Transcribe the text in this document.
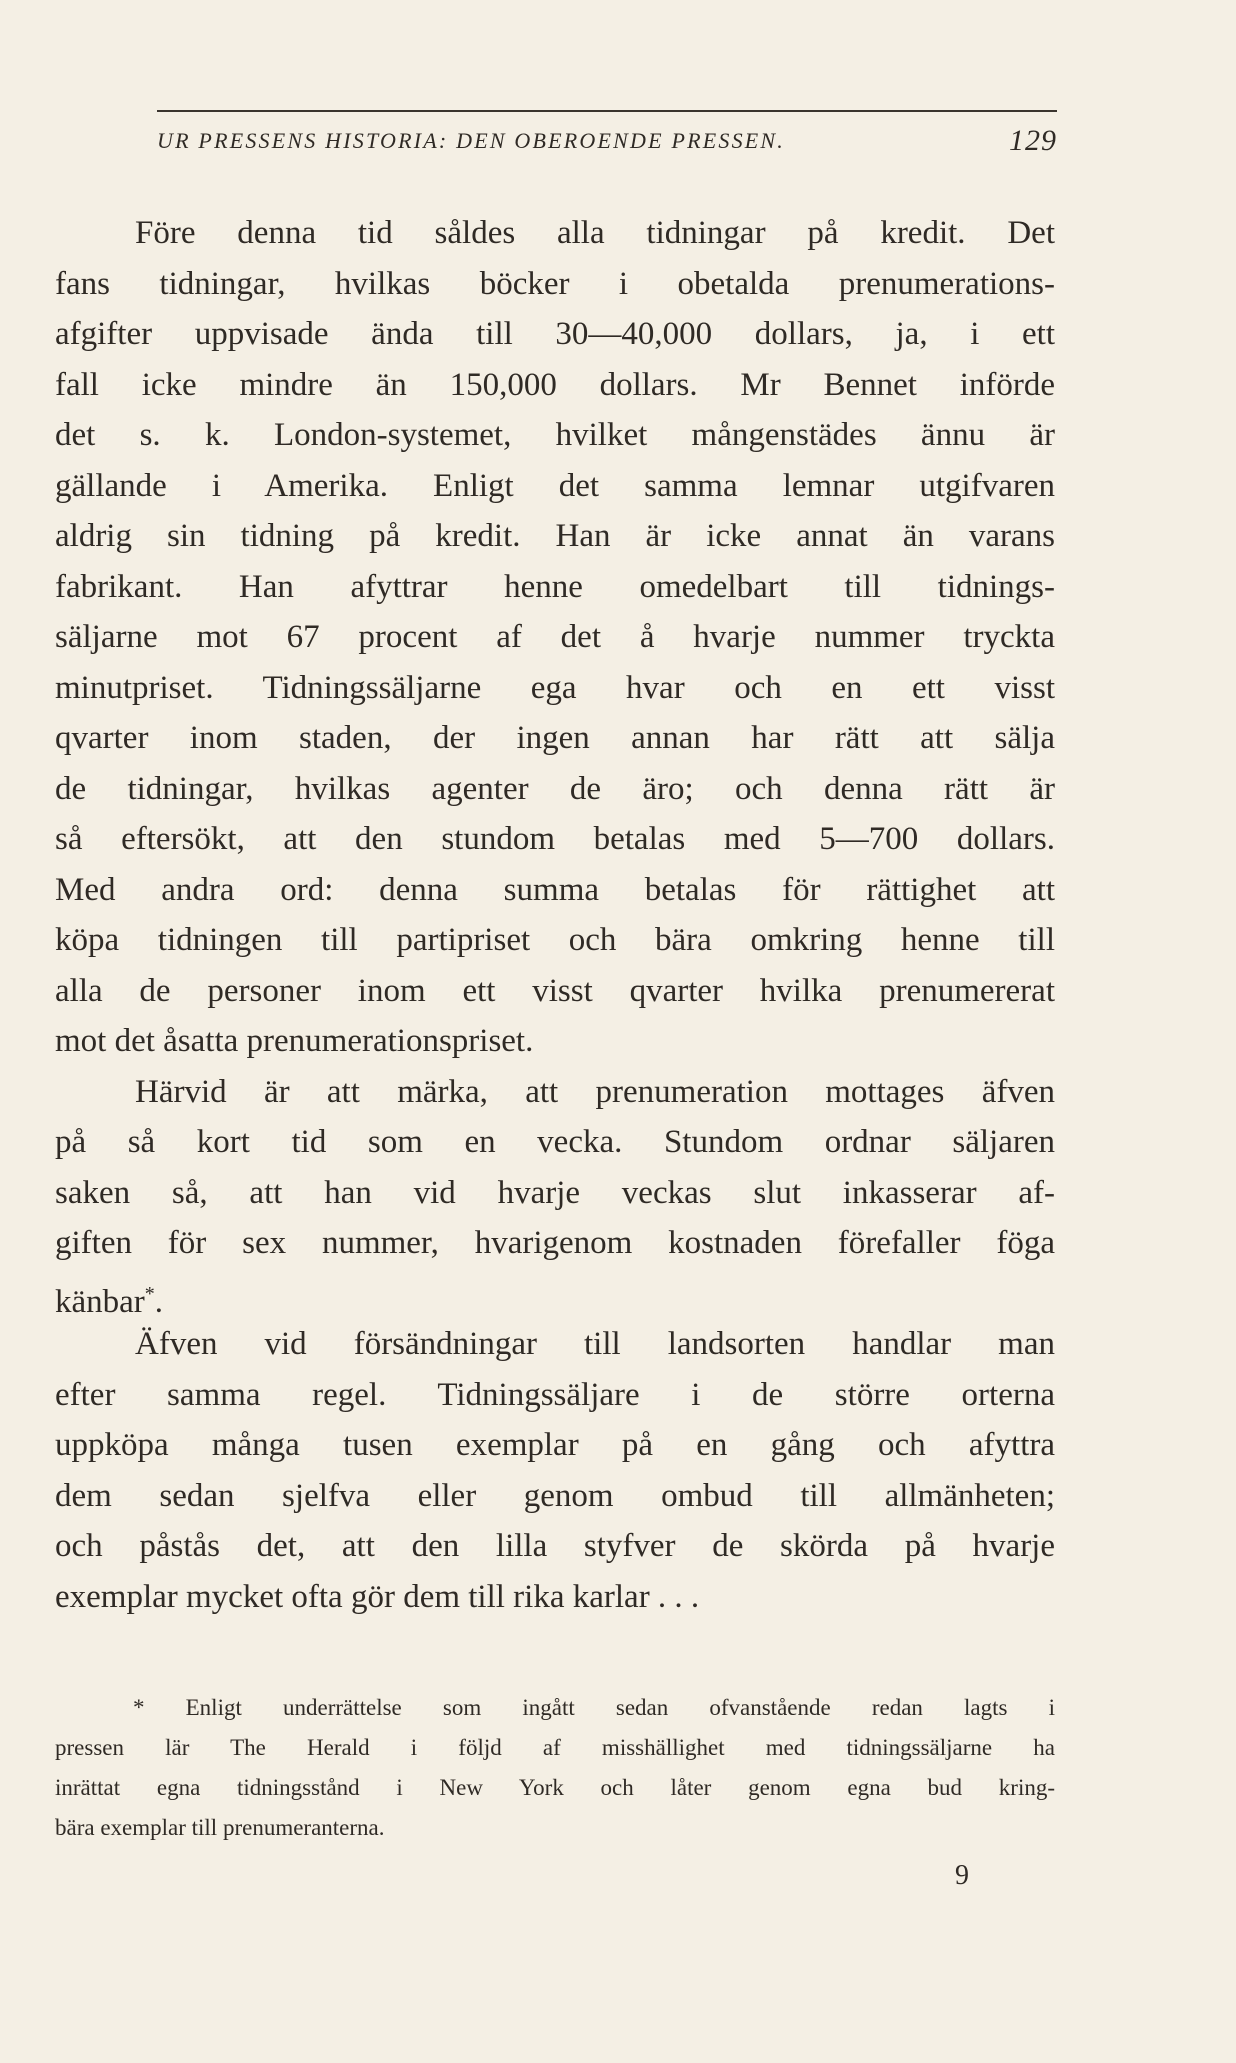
UR PRESSENS HISTORIA: DEN OBEROENDE PRESSEN.	129
Före denna tid såldes alla tidningar på kredit. Det
fans tidningar, hvilkas böcker i obetalda prenumerations-
afgifter uppvisade ända till 30—40,000 dollars, ja, i ett
fall icke mindre än 150,000 dollars. Mr Bennet införde
det s. k. London-systemet, hvilket mångenstädes ännu är
gällande i Amerika. Enligt det samma lemnar utgifvaren
aldrig sin tidning på kredit. Han är icke annat än varans
fabrikant. Han afyttrar henne omedelbart till tidnings-
säljarne mot 67 procent af det å hvarje nummer tryckta
minutpriset. Tidningssäljarne ega hvar och en ett visst
qvarter inom staden, der ingen annan har rätt att sälja
de tidningar, hvilkas agenter de äro; och denna rätt är
så eftersökt, att den stundom betalas med 5—700 dollars.
Med andra ord: denna summa betalas för rättighet att
köpa tidningen till partipriset och bära omkring henne till
alla de personer inom ett visst qvarter hvilka prenumererat
mot det åsatta prenumerationspriset.
Härvid är att märka, att prenumeration mottages äfven
på så kort tid som en vecka. Stundom ordnar säljaren
saken så, att han vid hvarje veckas slut inkasserar af-
giften för sex nummer, hvarigenom kostnaden förefaller föga
känbar*.
Äfven vid försändningar till landsorten handlar man
efter samma regel. Tidningssäljare i de större orterna
uppköpa många tusen exemplar på en gång och afyttra
dem sedan sjelfva eller genom ombud till allmänheten;
och påstås det, att den lilla styfver de skörda på hvarje
exemplar mycket ofta gör dem till rika karlar . . .
* Enligt underrättelse som ingått sedan ofvanstående redan lagts i
pressen lär The Herald i följd af misshällighet med tidningssäljarne ha
inrättat egna tidningsstånd i New York och låter genom egna bud kring-
bära exemplar till prenumeranterna.
9
